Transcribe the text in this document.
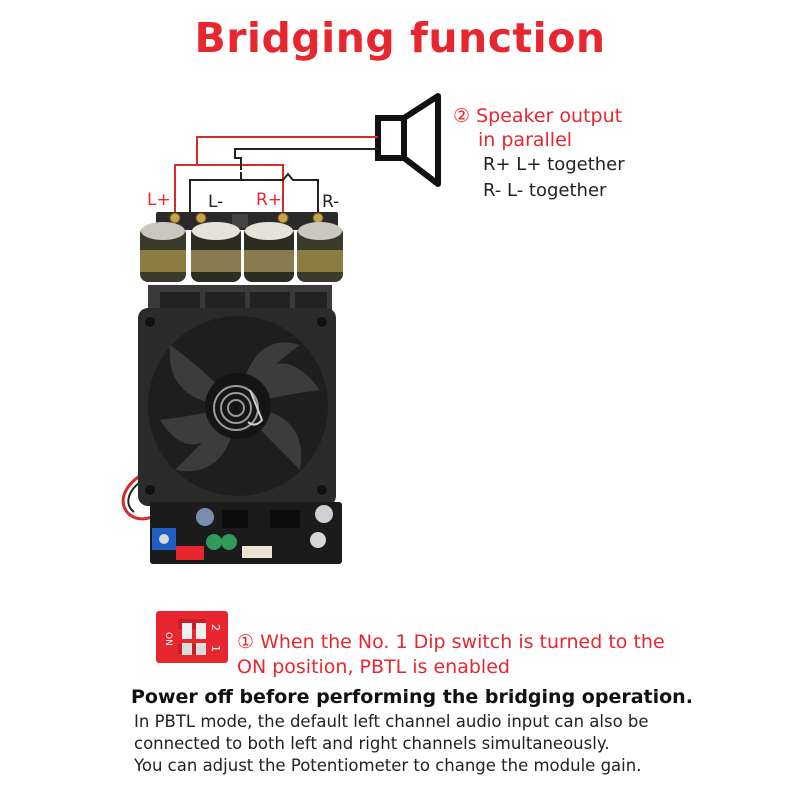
Bridging function
ON
2
1
L+ L- R+ R-
② Speaker output
in parallel
R+ L+ together
R- L- together
① When the No. 1 Dip switch is turned to the
ON position, PBTL is enabled
Power off before performing the bridging operation.
In PBTL mode, the default left channel audio input can also be
connected to both left and right channels simultaneously.
You can adjust the Potentiometer to change the module gain.
